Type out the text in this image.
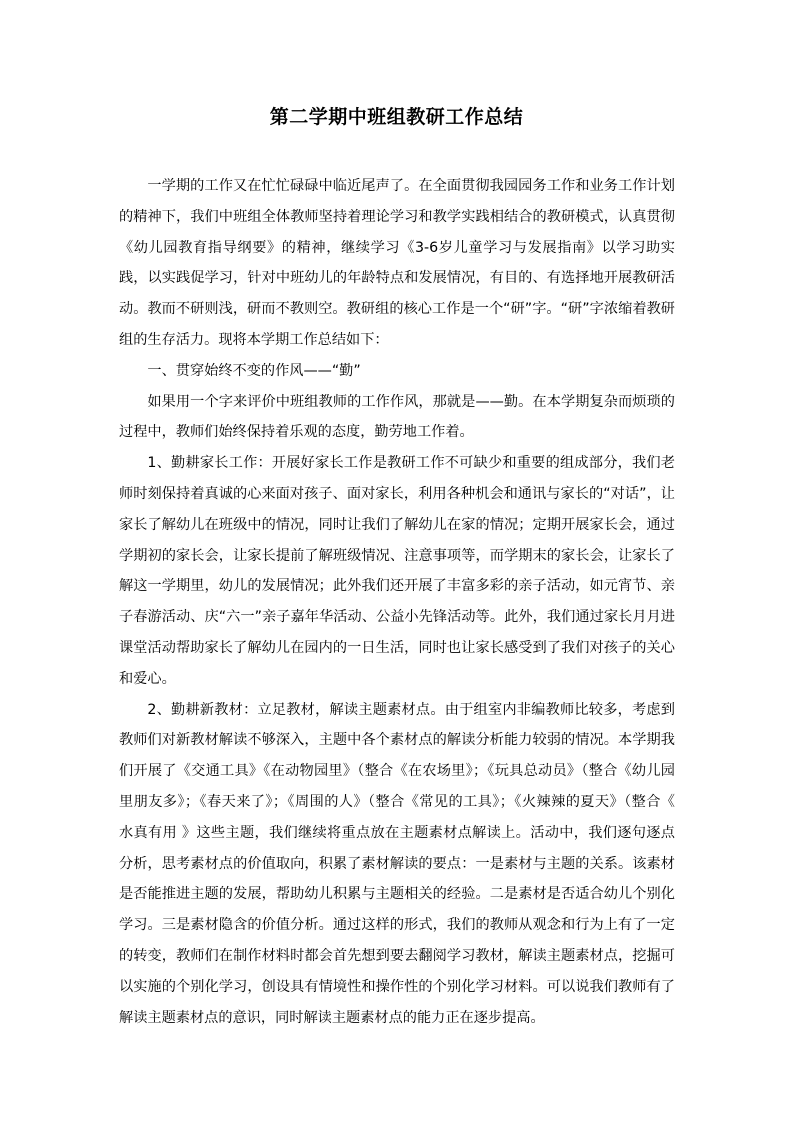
第二学期中班组教研工作总结

一学期的工作又在忙忙碌碌中临近尾声了。在全面贯彻我园园务工作和业务工作计划的精神下，我们中班组全体教师坚持着理论学习和教学实践相结合的教研模式，认真贯彻《幼儿园教育指导纲要》的精神，继续学习《3-6岁儿童学习与发展指南》以学习助实践，以实践促学习，针对中班幼儿的年龄特点和发展情况，有目的、有选择地开展教研活动。教而不研则浅，研而不教则空。教研组的核心工作是一个“研”字。“研”字浓缩着教研组的生存活力。现将本学期工作总结如下：

一、贯穿始终不变的作风——“勤”

如果用一个字来评价中班组教师的工作作风，那就是——勤。在本学期复杂而烦琐的过程中，教师们始终保持着乐观的态度，勤劳地工作着。

1、勤耕家长工作：开展好家长工作是教研工作不可缺少和重要的组成部分，我们老师时刻保持着真诚的心来面对孩子、面对家长，利用各种机会和通讯与家长的“对话”，让家长了解幼儿在班级中的情况，同时让我们了解幼儿在家的情况；定期开展家长会，通过学期初的家长会，让家长提前了解班级情况、注意事项等，而学期末的家长会，让家长了解这一学期里，幼儿的发展情况；此外我们还开展了丰富多彩的亲子活动，如元宵节、亲子春游活动、庆“六一”亲子嘉年华活动、公益小先锋活动等。此外，我们通过家长月月进课堂活动帮助家长了解幼儿在园内的一日生活，同时也让家长感受到了我们对孩子的关心和爱心。

2、勤耕新教材：立足教材，解读主题素材点。由于组室内非编教师比较多，考虑到教师们对新教材解读不够深入，主题中各个素材点的解读分析能力较弱的情况。本学期我们开展了《交通工具》《在动物园里》（整合《在农场里》；《玩具总动员》（整合《幼儿园里朋友多》；《春天来了》；《周围的人》（整合《常见的工具》；《火辣辣的夏天》（整合《 水真有用 》这些主题，我们继续将重点放在主题素材点解读上。活动中，我们逐句逐点分析，思考素材点的价值取向，积累了素材解读的要点：一是素材与主题的关系。该素材是否能推进主题的发展，帮助幼儿积累与主题相关的经验。二是素材是否适合幼儿个别化学习。三是素材隐含的价值分析。通过这样的形式，我们的教师从观念和行为上有了一定的转变，教师们在制作材料时都会首先想到要去翻阅学习教材，解读主题素材点，挖掘可以实施的个别化学习，创设具有情境性和操作性的个别化学习材料。可以说我们教师有了解读主题素材点的意识，同时解读主题素材点的能力正在逐步提高。
